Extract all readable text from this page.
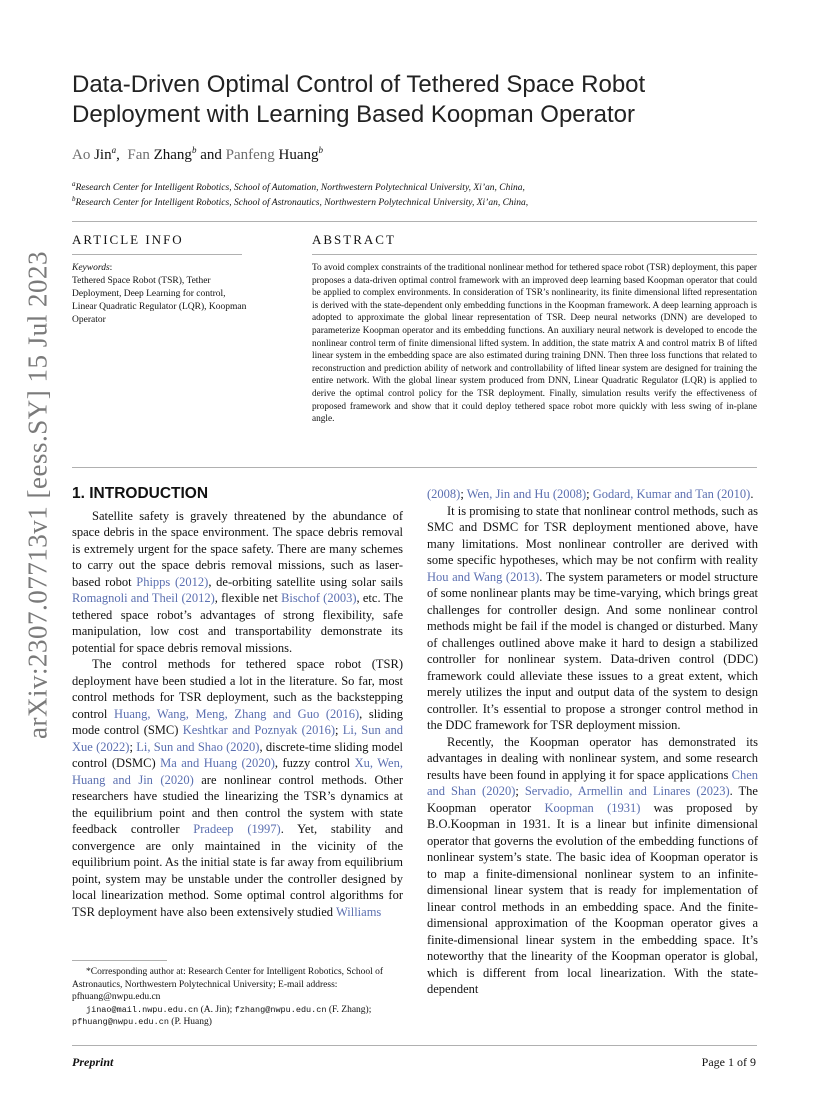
arXiv:2307.07713v1 [eess.SY] 15 Jul 2023
Data-Driven Optimal Control of Tethered Space Robot Deployment with Learning Based Koopman Operator
Ao Jin$^a$,  Fan Zhang$^b$ and Panfeng Huang$^b$
$^a$Research Center for Intelligent Robotics, School of Automation, Northwestern Polytechnical University, Xi’an, China,
$^b$Research Center for Intelligent Robotics, School of Astronautics, Northwestern Polytechnical University, Xi’an, China,
ARTICLE INFO	ABSTRACT
Keywords:
Tethered Space Robot (TSR), Tether Deployment, Deep Learning for control, Linear Quadratic Regulator (LQR), Koopman Operator
To avoid complex constraints of the traditional nonlinear method for tethered space robot (TSR) deployment, this paper proposes a data-driven optimal control framework with an improved deep learning based Koopman operator that could be applied to complex environments. In consideration of TSR’s nonlinearity, its finite dimensional lifted representation is derived with the state-dependent only embedding functions in the Koopman framework. A deep learning approach is adopted to approximate the global linear representation of TSR. Deep neural networks (DNN) are developed to parameterize Koopman operator and its embedding functions. An auxiliary neural network is developed to encode the nonlinear control term of finite dimensional lifted system. In addition, the state matrix A and control matrix B of lifted linear system in the embedding space are also estimated during training DNN. Then three loss functions that related to reconstruction and prediction ability of network and controllability of lifted linear system are designed for training the entire network. With the global linear system produced from DNN, Linear Quadratic Regulator (LQR) is applied to derive the optimal control policy for the TSR deployment. Finally, simulation results verify the effectiveness of proposed framework and show that it could deploy tethered space robot more quickly with less swing of in-plane angle.
1. INTRODUCTION

Satellite safety is gravely threatened by the abundance of space debris in the space environment. The space debris removal is extremely urgent for the space safety. There are many schemes to carry out the space debris removal missions, such as laser-based robot Phipps (2012), de-orbiting satellite using solar sails Romagnoli and Theil (2012), flexible net Bischof (2003), etc. The tethered space robot’s advantages of strong flexibility, safe manipulation, low cost and transportability demonstrate its potential for space debris removal missions.

The control methods for tethered space robot (TSR) deployment have been studied a lot in the literature. So far, most control methods for TSR deployment, such as the backstepping control Huang, Wang, Meng, Zhang and Guo (2016), sliding mode control (SMC) Keshtkar and Poznyak (2016); Li, Sun and Xue (2022); Li, Sun and Shao (2020), discrete-time sliding model control (DSMC) Ma and Huang (2020), fuzzy control Xu, Wen, Huang and Jin (2020) are nonlinear control methods. Other researchers have studied the linearizing the TSR’s dynamics at the equilibrium point and then control the system with state feedback controller Pradeep (1997). Yet, stability and convergence are only maintained in the vicinity of the equilibrium point. As the initial state is far away from equilibrium point, system may be unstable under the controller designed by local linearization method. Some optimal control algorithms for TSR deployment have also been extensively studied Williams

(2008); Wen, Jin and Hu (2008); Godard, Kumar and Tan (2010).

It is promising to state that nonlinear control methods, such as SMC and DSMC for TSR deployment mentioned above, have many limitations. Most nonlinear controller are derived with some specific hypotheses, which may be not confirm with reality Hou and Wang (2013). The system parameters or model structure of some nonlinear plants may be time-varying, which brings great challenges for controller design. And some nonlinear control methods might be fail if the model is changed or disturbed. Many of challenges outlined above make it hard to design a stabilized controller for nonlinear system. Data-driven control (DDC) framework could alleviate these issues to a great extent, which merely utilizes the input and output data of the system to design controller. It’s essential to propose a stronger control method in the DDC framework for TSR deployment mission.

Recently, the Koopman operator has demonstrated its advantages in dealing with nonlinear system, and some research results have been found in applying it for space applications Chen and Shan (2020); Servadio, Armellin and Linares (2023). The Koopman operator Koopman (1931) was proposed by B.O.Koopman in 1931. It is a linear but infinite dimensional operator that governs the evolution of the embedding functions of nonlinear system’s state. The basic idea of Koopman operator is to map a finite-dimensional nonlinear system to an infinite-dimensional linear system that is ready for implementation of linear control methods in an embedding space. And the finite-dimensional approximation of the Koopman operator gives a finite-dimensional linear system in the embedding space. It’s noteworthy that the linearity of the Koopman operator is global, which is different from local linearization. With the state-dependent

*Corresponding author at: Research Center for Intelligent Robotics, School of Astronautics, Northwestern Polytechnical University; E-mail address: pfhuang@nwpu.edu.cn

jinao@mail.nwpu.edu.cn (A. Jin); fzhang@nwpu.edu.cn (F. Zhang);

pfhuang@nwpu.edu.cn (P. Huang)

Preprint	Page 1 of 9
